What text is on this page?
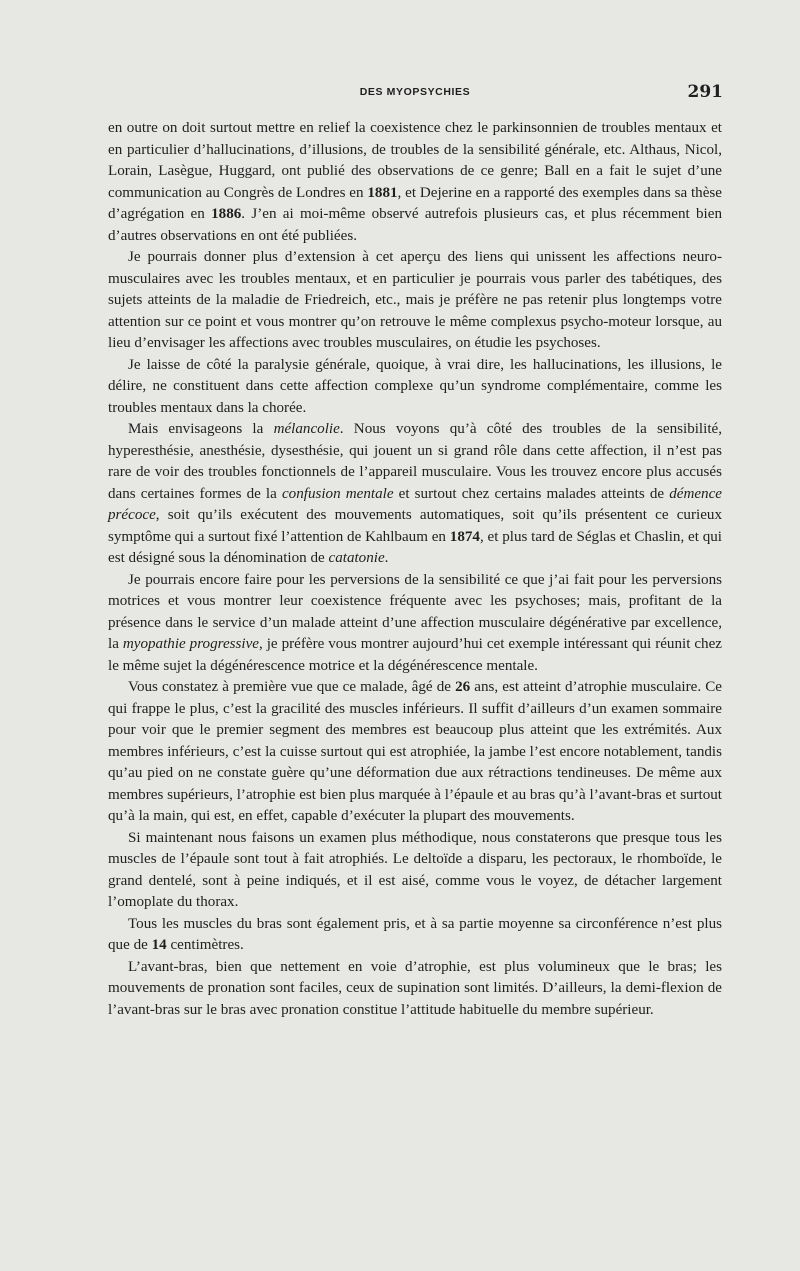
DES MYOPSYCHIES	291

en outre on doit surtout mettre en relief la coexistence chez le parkinsonnien de troubles mentaux et en particulier d’hallucinations, d’illusions, de troubles de la sensibilité générale, etc. Althaus, Nicol, Lorain, Lasègue, Huggard, ont publié des observations de ce genre; Ball en a fait le sujet d’une communication au Congrès de Londres en 1881, et Dejerine en a rapporté des exemples dans sa thèse d’agrégation en 1886. J’en ai moi-même observé autrefois plusieurs cas, et plus récemment bien d’autres observations en ont été publiées.

Je pourrais donner plus d’extension à cet aperçu des liens qui unissent les affections neuro-musculaires avec les troubles mentaux, et en particulier je pourrais vous parler des tabétiques, des sujets atteints de la maladie de Friedreich, etc., mais je préfère ne pas retenir plus longtemps votre attention sur ce point et vous montrer qu’on retrouve le même complexus psycho-moteur lorsque, au lieu d’envisager les affections avec troubles musculaires, on étudie les psychoses.

Je laisse de côté la paralysie générale, quoique, à vrai dire, les hallucinations, les illusions, le délire, ne constituent dans cette affection complexe qu’un syndrome complémentaire, comme les troubles mentaux dans la chorée.

Mais envisageons la mélancolie. Nous voyons qu’à côté des troubles de la sensibilité, hyperesthésie, anesthésie, dysesthésie, qui jouent un si grand rôle dans cette affection, il n’est pas rare de voir des troubles fonctionnels de l’appareil musculaire. Vous les trouvez encore plus accusés dans certaines formes de la confusion mentale et surtout chez certains malades atteints de démence précoce, soit qu’ils exécutent des mouvements automatiques, soit qu’ils présentent ce curieux symptôme qui a surtout fixé l’attention de Kahlbaum en 1874, et plus tard de Séglas et Chaslin, et qui est désigné sous la dénomination de catatonie.

Je pourrais encore faire pour les perversions de la sensibilité ce que j’ai fait pour les perversions motrices et vous montrer leur coexistence fréquente avec les psychoses; mais, profitant de la présence dans le service d’un malade atteint d’une affection musculaire dégénérative par excellence, la myopathie progressive, je préfère vous montrer aujourd’hui cet exemple intéressant qui réunit chez le même sujet la dégénérescence motrice et la dégénérescence mentale.

Vous constatez à première vue que ce malade, âgé de 26 ans, est atteint d’atrophie musculaire. Ce qui frappe le plus, c’est la gracilité des muscles inférieurs. Il suffit d’ailleurs d’un examen sommaire pour voir que le premier segment des membres est beaucoup plus atteint que les extrémités. Aux membres inférieurs, c’est la cuisse surtout qui est atrophiée, la jambe l’est encore notablement, tandis qu’au pied on ne constate guère qu’une déformation due aux rétractions tendineuses. De même aux membres supérieurs, l’atrophie est bien plus marquée à l’épaule et au bras qu’à l’avant-bras et surtout qu’à la main, qui est, en effet, capable d’exécuter la plupart des mouvements.

Si maintenant nous faisons un examen plus méthodique, nous constaterons que presque tous les muscles de l’épaule sont tout à fait atrophiés. Le deltoïde a disparu, les pectoraux, le rhomboïde, le grand dentelé, sont à peine indiqués, et il est aisé, comme vous le voyez, de détacher largement l’omoplate du thorax.

Tous les muscles du bras sont également pris, et à sa partie moyenne sa circonférence n’est plus que de 14 centimètres.

L’avant-bras, bien que nettement en voie d’atrophie, est plus volumineux que le bras; les mouvements de pronation sont faciles, ceux de supination sont limités. D’ailleurs, la demi-flexion de l’avant-bras sur le bras avec pronation constitue l’attitude habituelle du membre supérieur.
